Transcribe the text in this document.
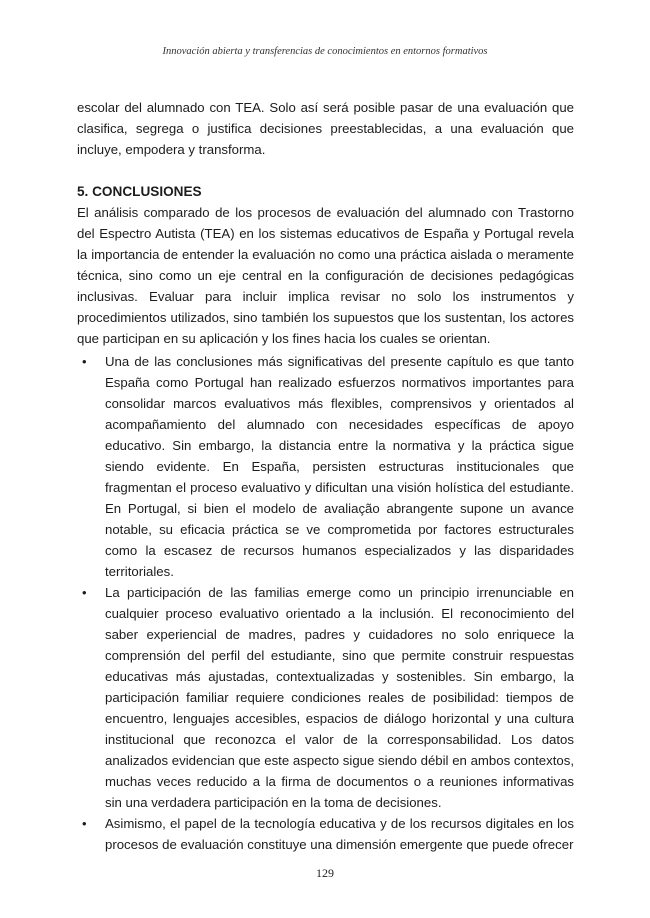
Innovación abierta y transferencias de conocimientos en entornos formativos

escolar del alumnado con TEA. Solo así será posible pasar de una evaluación que clasifica, segrega o justifica decisiones preestablecidas, a una evaluación que incluye, empodera y transforma.

5. CONCLUSIONES

El análisis comparado de los procesos de evaluación del alumnado con Trastorno del Espectro Autista (TEA) en los sistemas educativos de España y Portugal revela la importancia de entender la evaluación no como una práctica aislada o meramente técnica, sino como un eje central en la configuración de decisiones pedagógicas inclusivas. Evaluar para incluir implica revisar no solo los instrumentos y procedimientos utilizados, sino también los supuestos que los sustentan, los actores que participan en su aplicación y los fines hacia los cuales se orientan.

• Una de las conclusiones más significativas del presente capítulo es que tanto España como Portugal han realizado esfuerzos normativos importantes para consolidar marcos evaluativos más flexibles, comprensivos y orientados al acompañamiento del alumnado con necesidades específicas de apoyo educativo. Sin embargo, la distancia entre la normativa y la práctica sigue siendo evidente. En España, persisten estructuras institucionales que fragmentan el proceso evaluativo y dificultan una visión holística del estudiante. En Portugal, si bien el modelo de avaliação abrangente supone un avance notable, su eficacia práctica se ve comprometida por factores estructurales como la escasez de recursos humanos especializados y las disparidades territoriales.
• La participación de las familias emerge como un principio irrenunciable en cualquier proceso evaluativo orientado a la inclusión. El reconocimiento del saber experiencial de madres, padres y cuidadores no solo enriquece la comprensión del perfil del estudiante, sino que permite construir respuestas educativas más ajustadas, contextualizadas y sostenibles. Sin embargo, la participación familiar requiere condiciones reales de posibilidad: tiempos de encuentro, lenguajes accesibles, espacios de diálogo horizontal y una cultura institucional que reconozca el valor de la corresponsabilidad. Los datos analizados evidencian que este aspecto sigue siendo débil en ambos contextos, muchas veces reducido a la firma de documentos o a reuniones informativas sin una verdadera participación en la toma de decisiones.
• Asimismo, el papel de la tecnología educativa y de los recursos digitales en los procesos de evaluación constituye una dimensión emergente que puede ofrecer
129
